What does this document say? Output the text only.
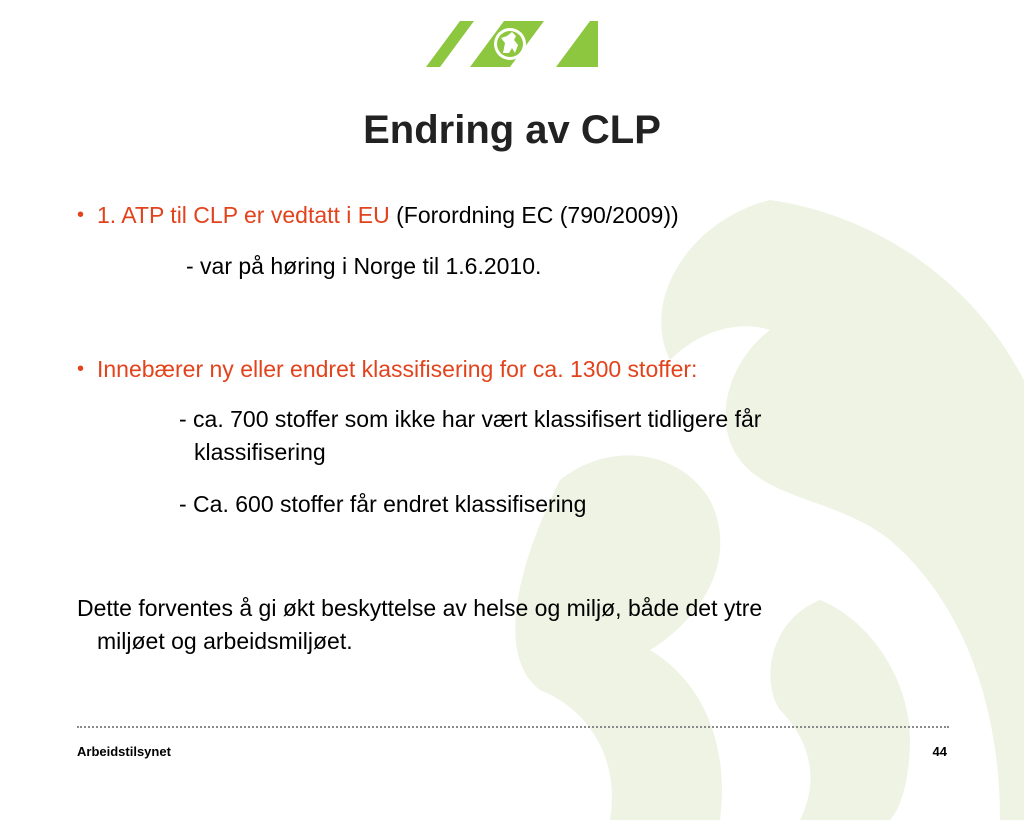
Endring av CLP
• 1. ATP til CLP er vedtatt i EU (Forordning EC (790/2009))
- var på høring i Norge til 1.6.2010.
• Innebærer ny eller endret klassifisering for ca. 1300 stoffer:
- ca. 700 stoffer som ikke har vært klassifisert tidligere får
klassifisering
- Ca. 600 stoffer får endret klassifisering
Dette forventes å gi økt beskyttelse av helse og miljø, både det ytre
miljøet og arbeidsmiljøet.
Arbeidstilsynet	44
